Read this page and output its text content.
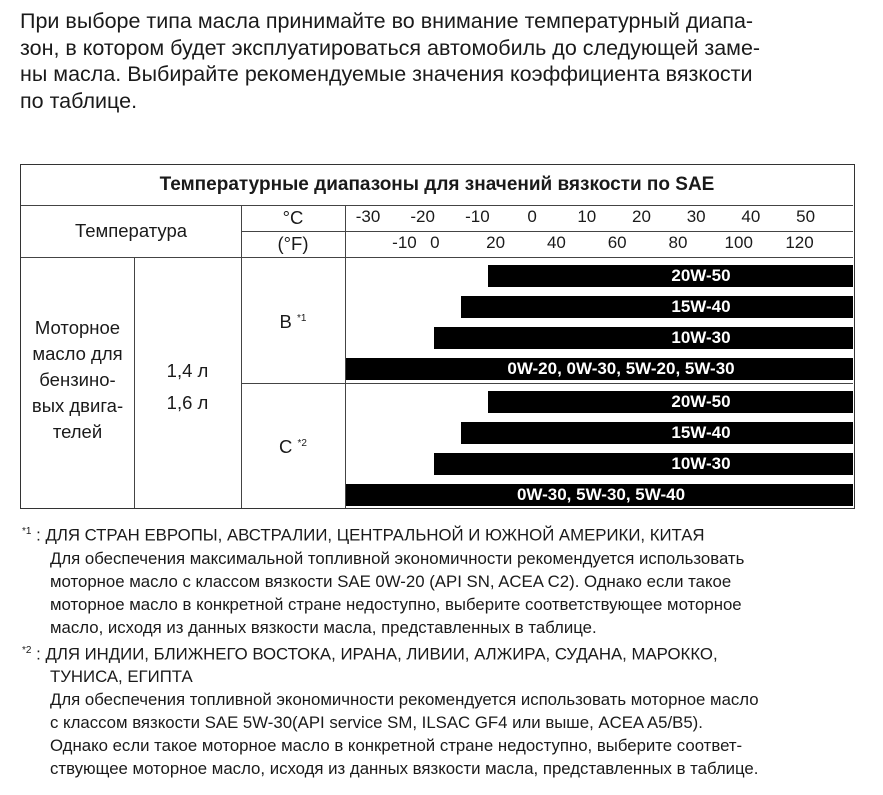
При выборе типа масла принимайте во внимание температурный диапа-
зон, в котором будет эксплуатироваться автомобиль до следующей заме-
ны масла. Выбирайте рекомендуемые значения коэффициента вязкости
по таблице.
Температурные диапазоны для значений вязкости по SAE
Температура
°C
(°F)
-30 -20 -10 0 10 20 30 40 50
-10 0	20 40 60 80 100 120
Моторное
масло для
бензино-
вых двига-
телей
1,4 л
1,6 л
B $^{*1}$
C $^{*2}$
20W-50
15W-40
10W-30
0W-20, 0W-30, 5W-20, 5W-30
20W-50
15W-40
10W-30
0W-30, 5W-30, 5W-40
$^{*1}$ : ДЛЯ СТРАН ЕВРОПЫ, АВСТРАЛИИ, ЦЕНТРАЛЬНОЙ И ЮЖНОЙ АМЕРИКИ, КИТАЯ
Для обеспечения максимальной топливной экономичности рекомендуется использовать
моторное масло с классом вязкости SAE 0W-20 (API SN, ACEA C2). Однако если такое
моторное масло в конкретной стране недоступно, выберите соответствующее моторное
масло, исходя из данных вязкости масла, представленных в таблице.
$^{*2}$ : ДЛЯ ИНДИИ, БЛИЖНЕГО ВОСТОКА, ИРАНА, ЛИВИИ, АЛЖИРА, СУДАНА, МАРОККО,
ТУНИСА, ЕГИПТА
Для обеспечения топливной экономичности рекомендуется использовать моторное масло
с классом вязкости SAE 5W-30(API service SM, ILSAC GF4 или выше, ACEA A5/B5).
Однако если такое моторное масло в конкретной стране недоступно, выберите соответ-
ствующее моторное масло, исходя из данных вязкости масла, представленных в таблице.
